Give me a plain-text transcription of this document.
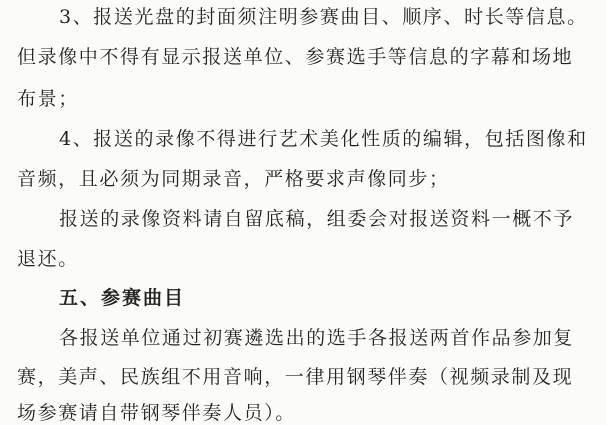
3、报送光盘的封面须注明参赛曲目、顺序、时长等信息。
但录像中不得有显示报送单位、参赛选手等信息的字幕和场地
布景；
4、报送的录像不得进行艺术美化性质的编辑，包括图像和
音频，且必须为同期录音，严格要求声像同步；
报送的录像资料请自留底稿，组委会对报送资料一概不予
退还。
五、参赛曲目
各报送单位通过初赛遴选出的选手各报送两首作品参加复
赛，美声、民族组不用音响，一律用钢琴伴奏（视频录制及现
场参赛请自带钢琴伴奏人员）。
